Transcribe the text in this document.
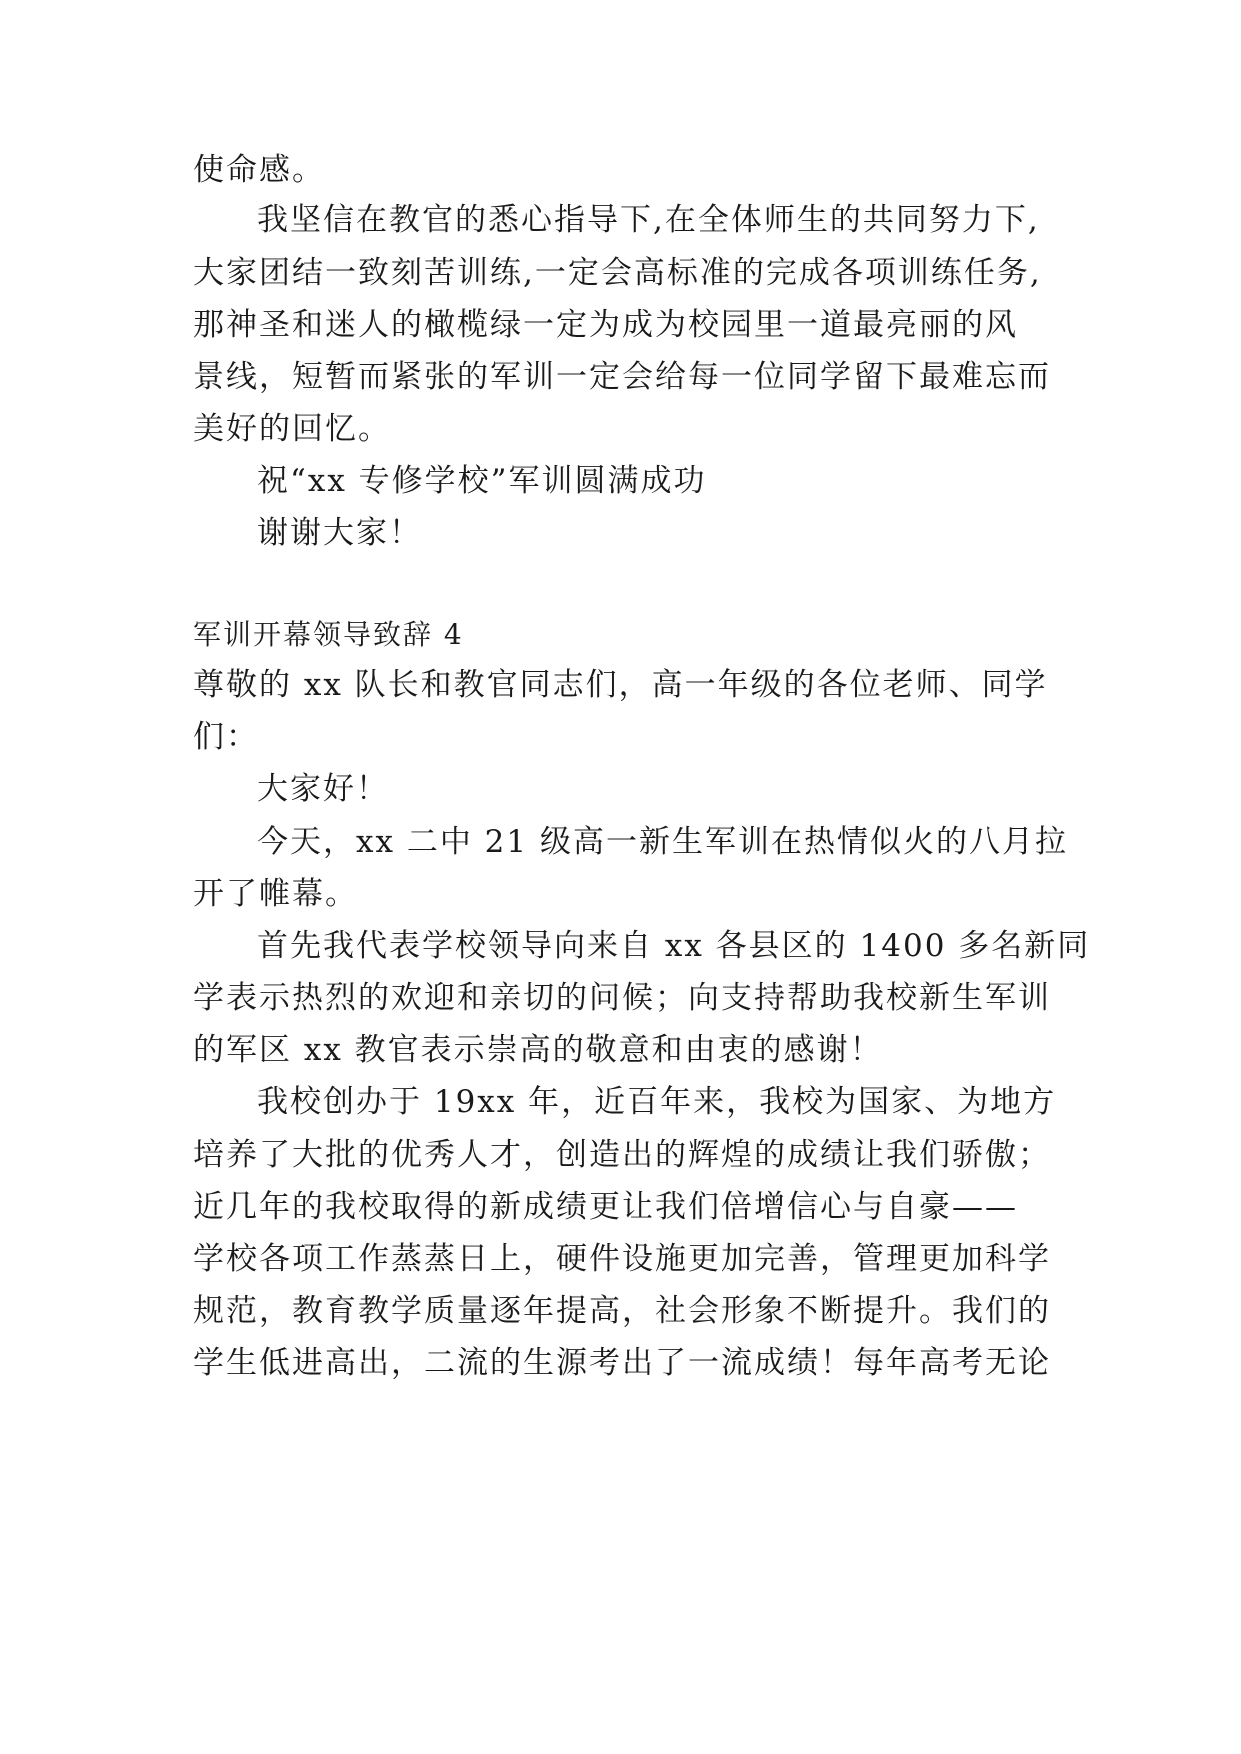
使命感。
我坚信在教官的悉心指导下,在全体师生的共同努力下,
大家团结一致刻苦训练,一定会高标准的完成各项训练任务,
那神圣和迷人的橄榄绿一定为成为校园里一道最亮丽的风
景线，短暂而紧张的军训一定会给每一位同学留下最难忘而
美好的回忆。
祝“xx 专修学校”军训圆满成功
谢谢大家！
军训开幕领导致辞 4
尊敬的 xx 队长和教官同志们，高一年级的各位老师、同学
们：
大家好！
今天，xx 二中 21 级高一新生军训在热情似火的八月拉
开了帷幕。
首先我代表学校领导向来自 xx 各县区的 1400 多名新同
学表示热烈的欢迎和亲切的问候；向支持帮助我校新生军训
的军区 xx 教官表示崇高的敬意和由衷的感谢！
我校创办于 19xx 年，近百年来，我校为国家、为地方
培养了大批的优秀人才，创造出的辉煌的成绩让我们骄傲；
近几年的我校取得的新成绩更让我们倍增信心与自豪——
学校各项工作蒸蒸日上，硬件设施更加完善，管理更加科学
规范，教育教学质量逐年提高，社会形象不断提升。我们的
学生低进高出，二流的生源考出了一流成绩！每年高考无论
